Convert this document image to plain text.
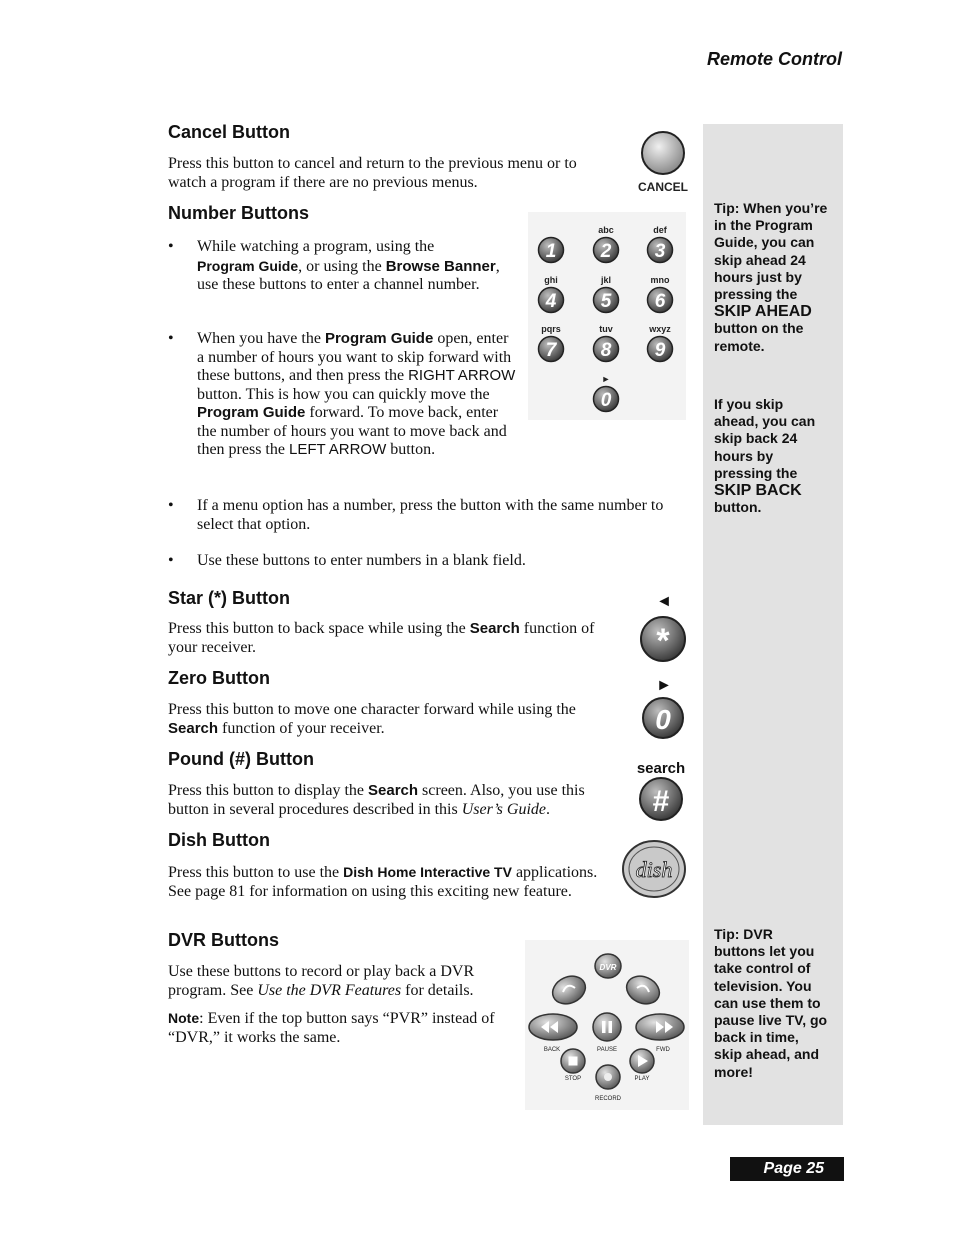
Remote Control
Cancel Button

Press this button to cancel and return to the previous menu or to watch a program if there are no previous menus.	CANCEL
Number Buttons
• While watching a program, using the
Program Guide, or using the Browse Banner, use these buttons to enter a channel number.
• When you have the Program Guide open, enter a number of hours you want to skip forward with these buttons, and then press the RIGHT ARROW button. This is how you can quickly move the Program Guide forward. To move back, enter the number of hours you want to move back and then press the LEFT ARROW button.
• If a menu option has a number, press the button with the same number to select that option.
• Use these buttons to enter numbers in a blank field.
1 2
abc
3
def
4
ghi
5
jkl
6
mno
7
pqrs
8
tuv
9
wxyz
0
►
Star (*) Button

Press this button to back space while using the Search function of your receiver.

◄
*
Zero Button

Press this button to move one character forward while using the Search function of your receiver.

►
0
Pound (#) Button

Press this button to display the Search screen. Also, you use this button in several procedures described in this User’s Guide.

search
#
Dish Button

Press this button to use the Dish Home Interactive TV applications. See page 81 for information on using this exciting new feature.

dish
DVR Buttons

Use these buttons to record or play back a DVR program. See Use the DVR Features for details.

Note: Even if the top button says “PVR” instead of “DVR,” it works the same.

DVR
BACK	PAUSE	FWD
STOP	PLAY
RECORD

Tip: When you’re in the Program Guide, you can skip ahead 24 hours just by pressing the SKIP AHEAD button on the remote.

If you skip ahead, you can skip back 24 hours by pressing the SKIP BACK button.

Tip: DVR buttons let you take control of television. You can use them to pause live TV, go back in time, skip ahead, and more!

Page 25
